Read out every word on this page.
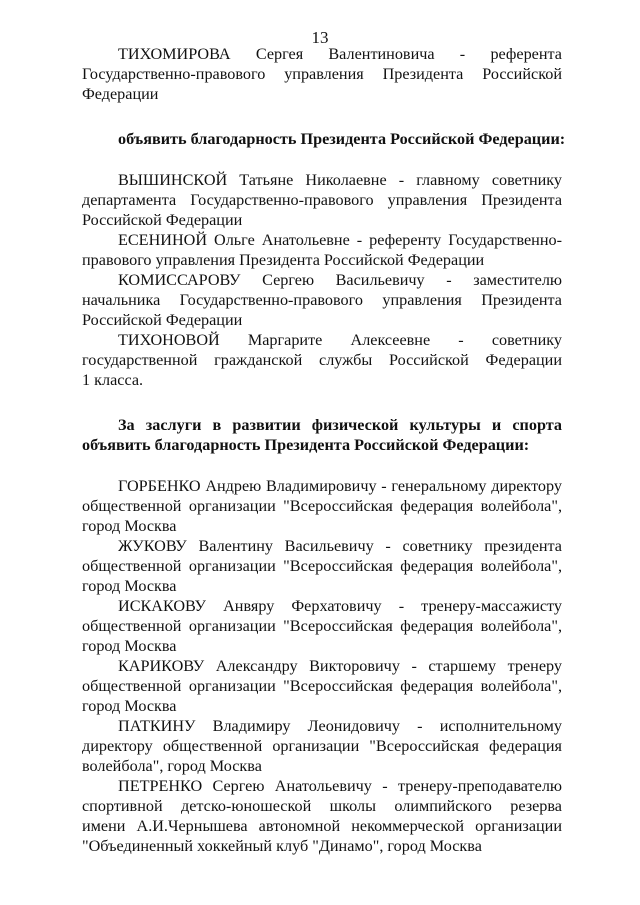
13
ТИХОМИРОВА Сергея Валентиновича - референта
Государственно-правового управления Президента Российской
Федерации
объявить благодарность Президента Российской Федерации:
ВЫШИНСКОЙ Татьяне Николаевне - главному советнику
департамента Государственно-правового управления Президента
Российской Федерации
ЕСЕНИНОЙ Ольге Анатольевне - референту Государственно-
правового управления Президента Российской Федерации
КОМИССАРОВУ Сергею Васильевичу - заместителю
начальника Государственно-правового управления Президента
Российской Федерации
ТИХОНОВОЙ Маргарите Алексеевне - советнику
государственной гражданской службы Российской Федерации
1 класса.
За заслуги в развитии физической культуры и спорта
объявить благодарность Президента Российской Федерации:
ГОРБЕНКО Андрею Владимировичу - генеральному директору
общественной организации "Всероссийская федерация волейбола",
город Москва
ЖУКОВУ Валентину Васильевичу - советнику президента
общественной организации "Всероссийская федерация волейбола",
город Москва
ИСКАКОВУ Анвяру Ферхатовичу - тренеру-массажисту
общественной организации "Всероссийская федерация волейбола",
город Москва
КАРИКОВУ Александру Викторовичу - старшему тренеру
общественной организации "Всероссийская федерация волейбола",
город Москва
ПАТКИНУ Владимиру Леонидовичу - исполнительному
директору общественной организации "Всероссийская федерация
волейбола", город Москва
ПЕТРЕНКО Сергею Анатольевичу - тренеру-преподавателю
спортивной детско-юношеской школы олимпийского резерва
имени А.И.Чернышева автономной некоммерческой организации
"Объединенный хоккейный клуб "Динамо", город Москва
